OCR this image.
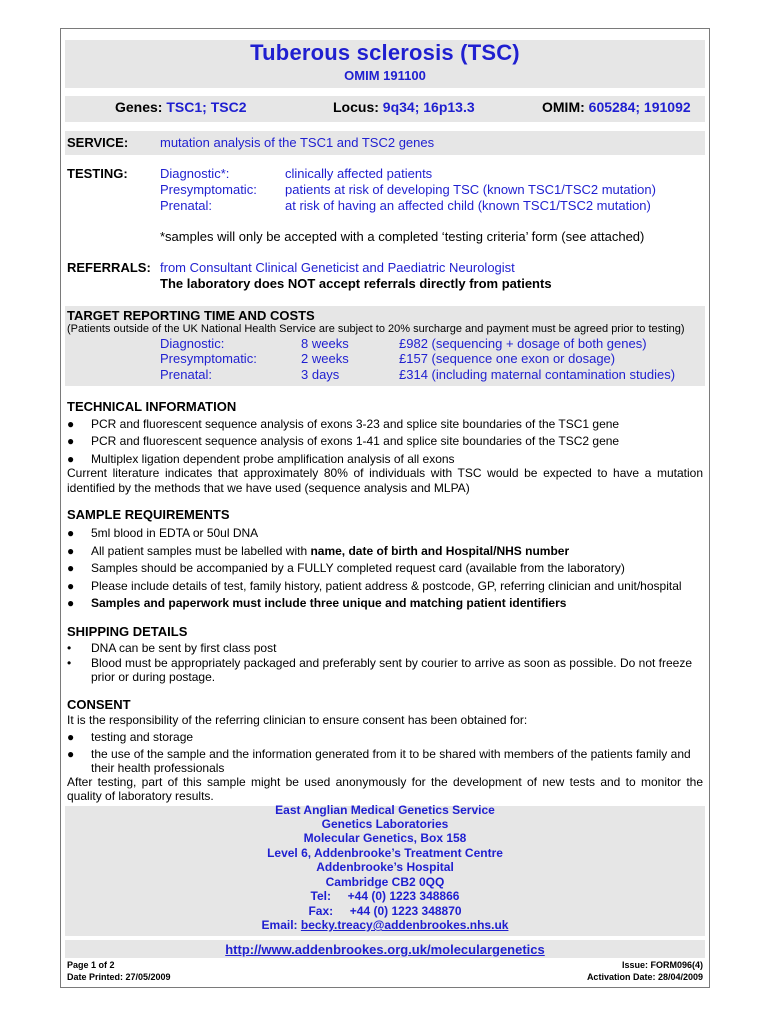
Tuberous sclerosis (TSC)
OMIM 191100
Genes: TSC1; TSC2	Locus: 9q34; 16p13.3	OMIM: 605284; 191092
SERVICE: mutation analysis of the TSC1 and TSC2 genes
TESTING: Diagnostic*:	clinically affected patients
Presymptomatic: patients at risk of developing TSC (known TSC1/TSC2 mutation)
Prenatal:	at risk of having an affected child (known TSC1/TSC2 mutation)
*samples will only be accepted with a completed ‘testing criteria’ form (see attached)
REFERRALS: from Consultant Clinical Geneticist and Paediatric Neurologist
The laboratory does NOT accept referrals directly from patients
TARGET REPORTING TIME AND COSTS
(Patients outside of the UK National Health Service are subject to 20% surcharge and payment must be agreed prior to testing)
Diagnostic:	8 weeks	£982 (sequencing + dosage of both genes)
Presymptomatic:	2 weeks	£157 (sequence one exon or dosage)
Prenatal:	3 days	£314 (including maternal contamination studies)
TECHNICAL INFORMATION
● PCR and fluorescent sequence analysis of exons 3-23 and splice site boundaries of the TSC1 gene
● PCR and fluorescent sequence analysis of exons 1-41 and splice site boundaries of the TSC2 gene
● Multiplex ligation dependent probe amplification analysis of all exons
Current literature indicates that approximately 80% of individuals with TSC would be expected to have a mutation identified by the methods that we have used (sequence analysis and MLPA)
SAMPLE REQUIREMENTS
● 5ml blood in EDTA or 50ul DNA
● All patient samples must be labelled with name, date of birth and Hospital/NHS number
● Samples should be accompanied by a FULLY completed request card (available from the laboratory)
● Please include details of test, family history, patient address & postcode, GP, referring clinician and unit/hospital
● Samples and paperwork must include three unique and matching patient identifiers
SHIPPING DETAILS
• DNA can be sent by first class post
• Blood must be appropriately packaged and preferably sent by courier to arrive as soon as possible. Do not freeze
prior or during postage.
CONSENT
It is the responsibility of the referring clinician to ensure consent has been obtained for:
● testing and storage
● the use of the sample and the information generated from it to be shared with members of the patients family and
their health professionals
After testing, part of this sample might be used anonymously for the development of new tests and to monitor the quality of laboratory results.
East Anglian Medical Genetics Service
Genetics Laboratories
Molecular Genetics, Box 158
Level 6, Addenbrooke’s Treatment Centre
Addenbrooke’s Hospital
Cambridge CB2 0QQ
Tel: +44 (0) 1223 348866
Fax: +44 (0) 1223 348870
Email: becky.treacy@addenbrookes.nhs.uk
http://www.addenbrookes.org.uk/moleculargenetics
Page 1 of 2
Date Printed: 27/05/2009
Issue: FORM096(4)
Activation Date: 28/04/2009
